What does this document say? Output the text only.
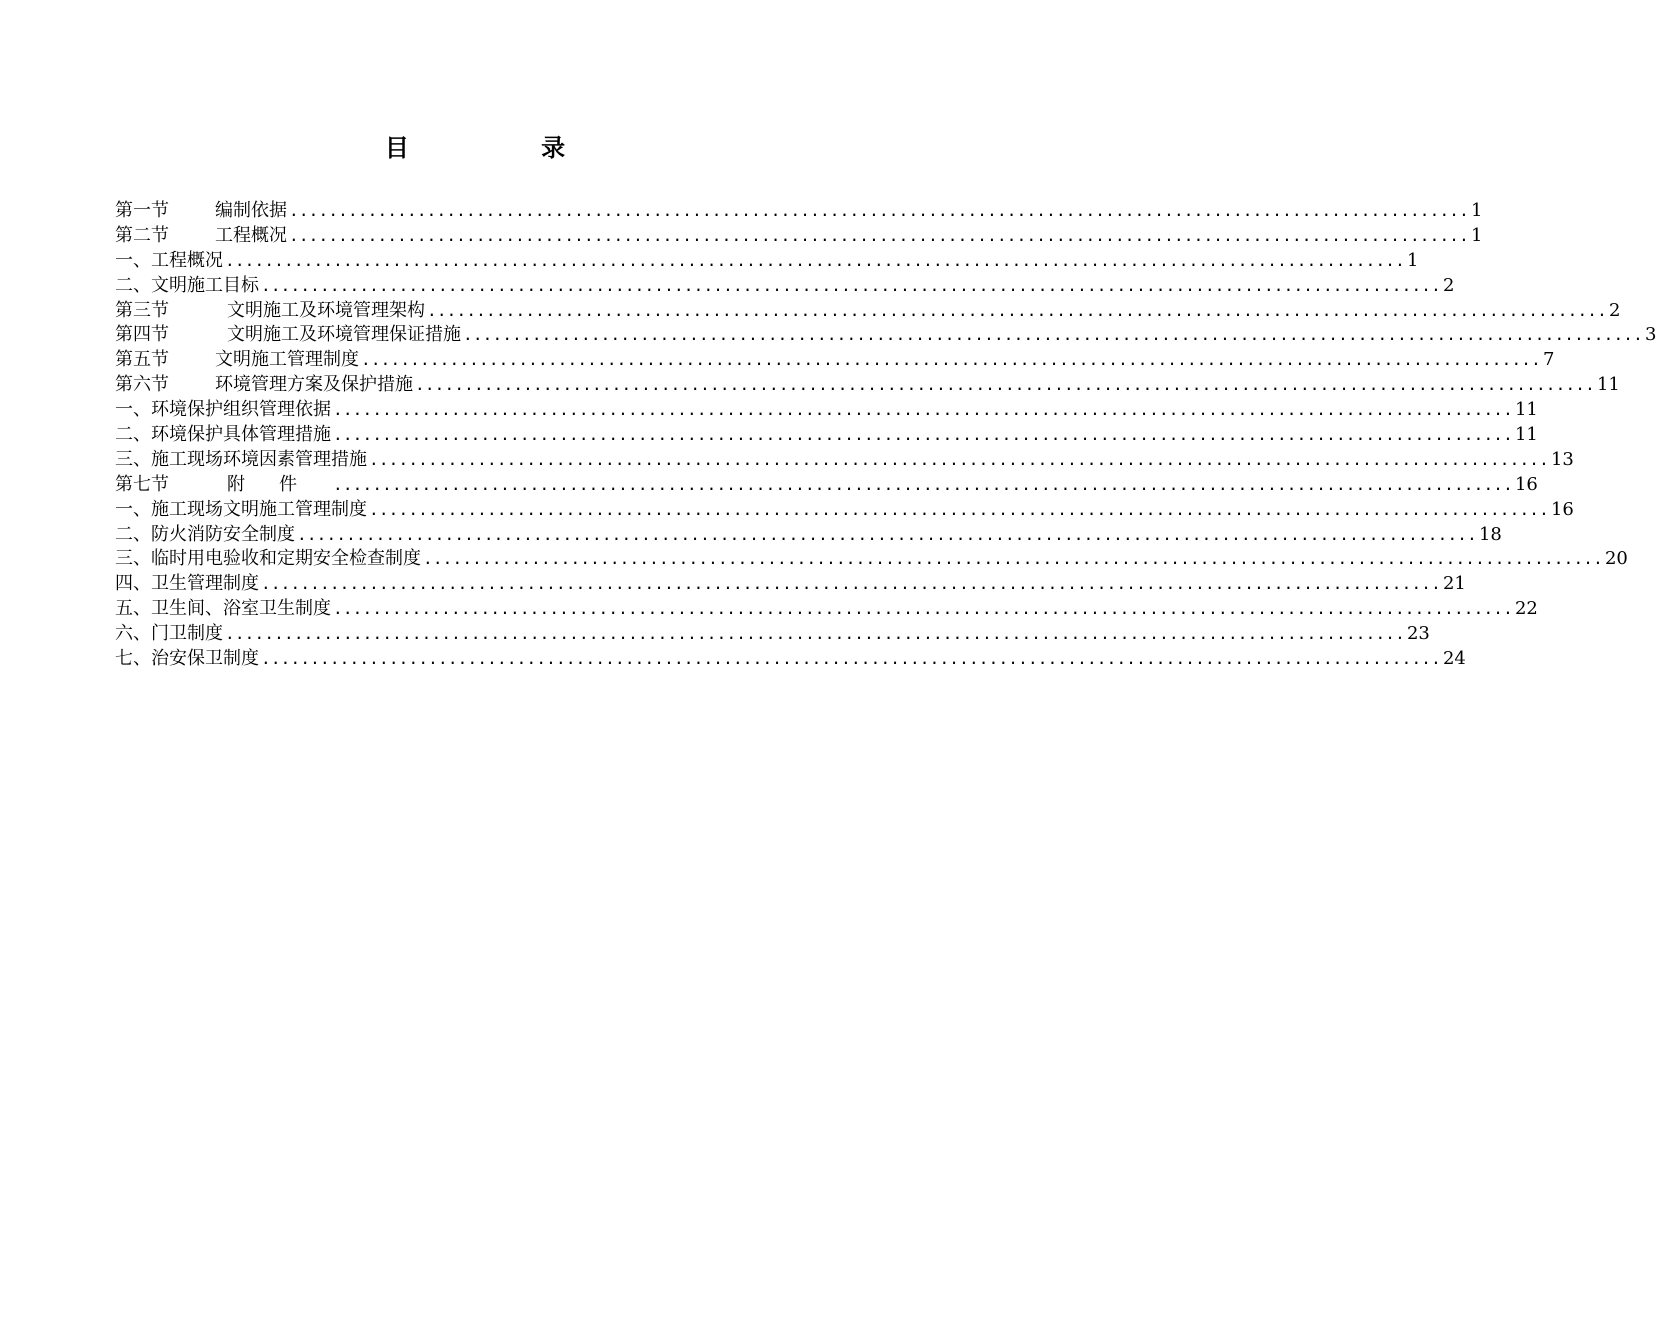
目 录
第一节	编制依据 ........................................................................................................................ 1
第二节	工程概况 ........................................................................................................................ 1
一、工程概况 ........................................................................................................................ 1
二、文明施工目标 ........................................................................................................................ 2
第三节	文明施工及环境管理架构 ........................................................................................................................ 2
第四节	文明施工及环境管理保证措施 ........................................................................................................................ 3
第五节	文明施工管理制度 ........................................................................................................................ 7
第六节	环境管理方案及保护措施 ........................................................................................................................ 11
一、环境保护组织管理依据 ........................................................................................................................ 11
二、环境保护具体管理措施 ........................................................................................................................ 11
三、施工现场环境因素管理措施 ........................................................................................................................ 13
第七节	附件 ........................................................................................................................ 16
一、施工现场文明施工管理制度 ........................................................................................................................ 16
二、防火消防安全制度 ........................................................................................................................ 18
三、临时用电验收和定期安全检查制度 ........................................................................................................................ 20
四、卫生管理制度 ........................................................................................................................ 21
五、卫生间、浴室卫生制度 ........................................................................................................................ 22
六、门卫制度 ........................................................................................................................ 23
七、治安保卫制度 ........................................................................................................................ 24
